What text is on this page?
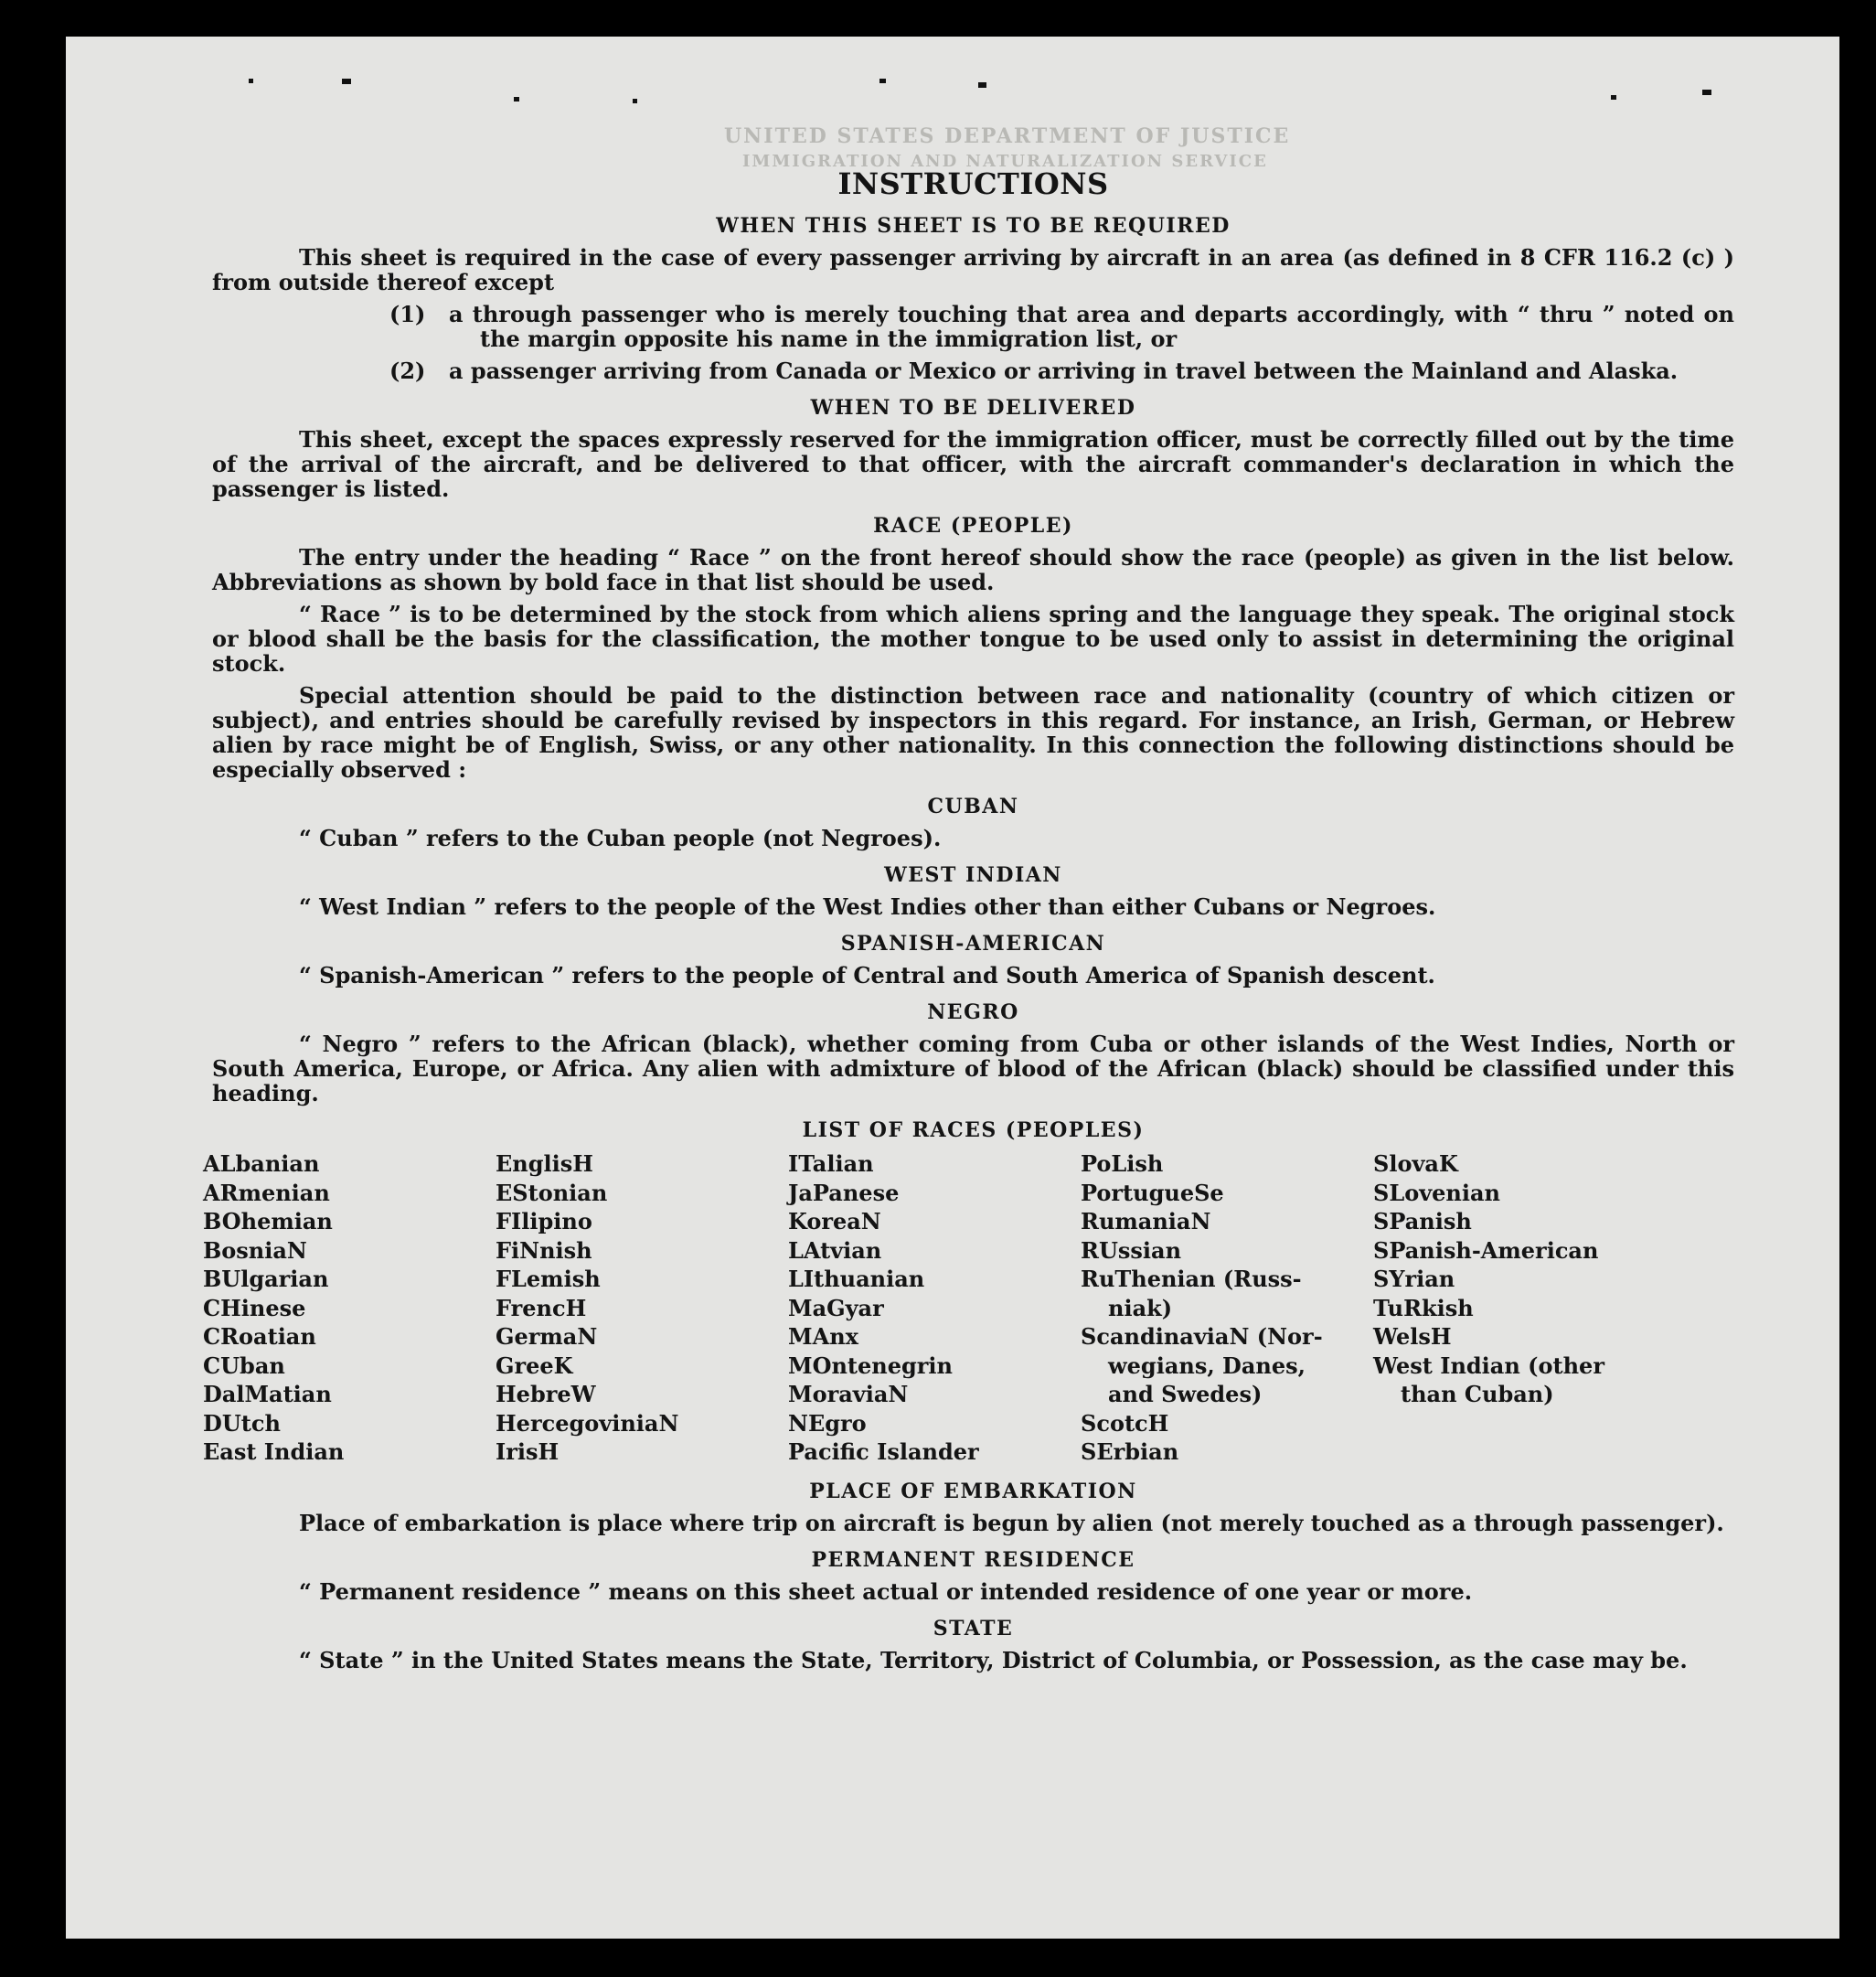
UNITED STATES DEPARTMENT OF JUSTICE
IMMIGRATION AND NATURALIZATION SERVICE
INSTRUCTIONS
WHEN THIS SHEET IS TO BE REQUIRED

This sheet is required in the case of every passenger arriving by aircraft in an area (as defined in 8 CFR 116.2 (c) ) from outside thereof except

(1) a through passenger who is merely touching that area and departs accordingly, with “ thru ” noted on the margin opposite his name in the immigration list, or
(2) a passenger arriving from Canada or Mexico or arriving in travel between the Mainland and Alaska.
WHEN TO BE DELIVERED

This sheet, except the spaces expressly reserved for the immigration officer, must be correctly filled out by the time of the arrival of the aircraft, and be delivered to that officer, with the aircraft commander's declaration in which the passenger is listed.

RACE (PEOPLE)

The entry under the heading “ Race ” on the front hereof should show the race (people) as given in the list below. Abbreviations as shown by bold face in that list should be used.

“ Race ” is to be determined by the stock from which aliens spring and the language they speak. The original stock or blood shall be the basis for the classification, the mother tongue to be used only to assist in determining the original stock.

Special attention should be paid to the distinction between race and nationality (country of which citizen or subject), and entries should be carefully revised by inspectors in this regard. For instance, an Irish, German, or Hebrew alien by race might be of English, Swiss, or any other nationality. In this connection the following distinctions should be especially observed :

CUBAN

“ Cuban ” refers to the Cuban people (not Negroes).

WEST INDIAN

“ West Indian ” refers to the people of the West Indies other than either Cubans or Negroes.

SPANISH-AMERICAN

“ Spanish-American ” refers to the people of Central and South America of Spanish descent.

NEGRO

“ Negro ” refers to the African (black), whether coming from Cuba or other islands of the West Indies, North or South America, Europe, or Africa. Any alien with admixture of blood of the African (black) should be classified under this heading.

LIST OF RACES (PEOPLES)
ALbanian
ARmenian
BOhemian
BosniaN
BUlgarian
CHinese
CRoatian
CUban
DalMatian
DUtch
East Indian
EnglisH
EStonian
FIlipino
FiNnish
FLemish
FrencH
GermaN
GreeK
HebreW
HercegoviniaN
IrisH
ITalian
JaPanese
KoreaN
LAtvian
LIthuanian
MaGyar
MAnx
MOntenegrin
MoraviaN
NEgro
Pacific Islander
PoLish
PortugueSe
RumaniaN
RUssian
RuThenian (Russ-
niak)
ScandinaviaN (Nor-
wegians, Danes,
and Swedes)
ScotcH
SErbian
SlovaK
SLovenian
SPanish
SPanish-American
SYrian
TuRkish
WelsH
West Indian (other
than Cuban)
PLACE OF EMBARKATION

Place of embarkation is place where trip on aircraft is begun by alien (not merely touched as a through passenger).

PERMANENT RESIDENCE

“ Permanent residence ” means on this sheet actual or intended residence of one year or more.

STATE

“ State ” in the United States means the State, Territory, District of Columbia, or Possession, as the case may be.
